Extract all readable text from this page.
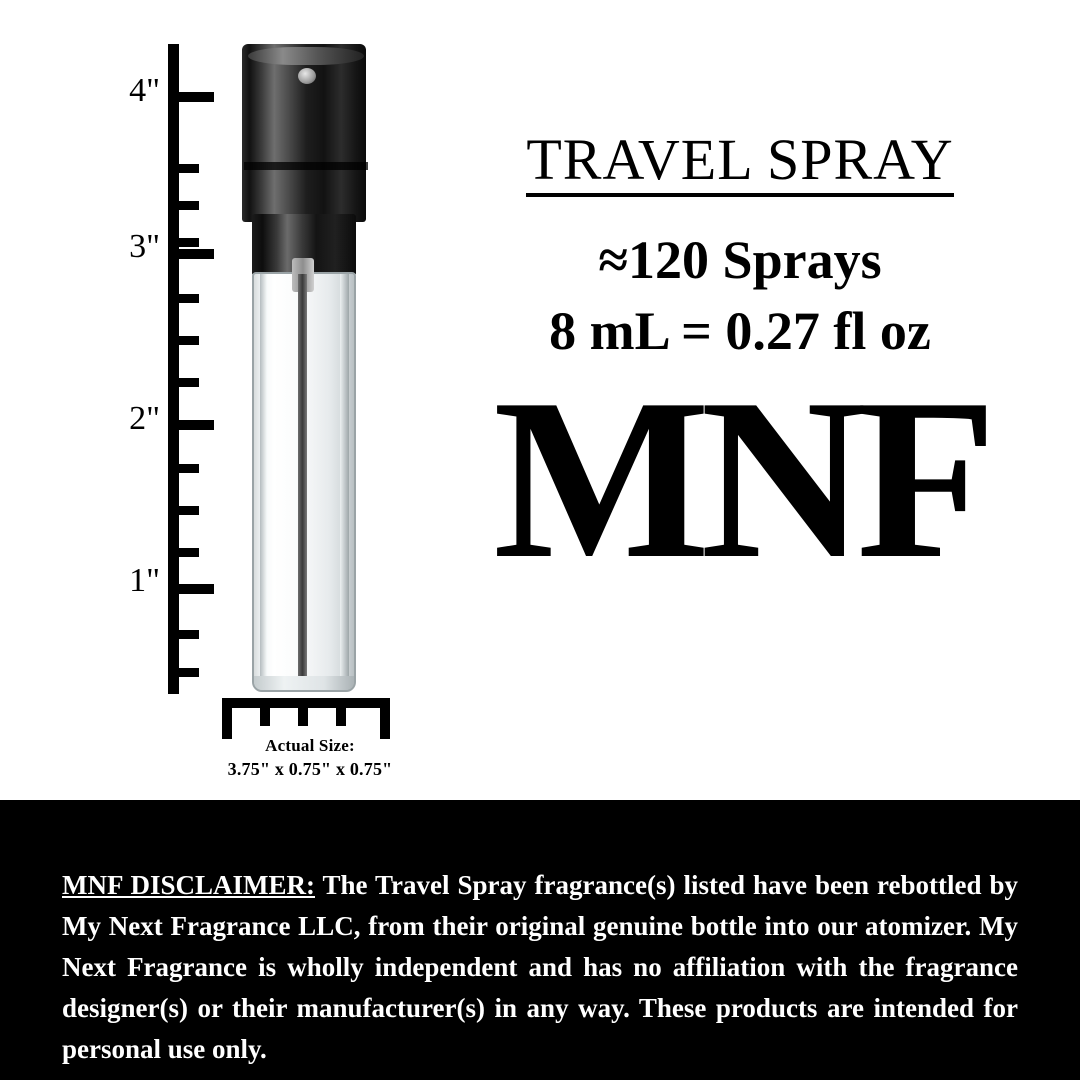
4"
3"
2"
1"
Actual Size:
3.75" x 0.75" x 0.75"
TRAVEL SPRAY
≈120 Sprays
8 mL = 0.27 fl oz
MNF

MNF DISCLAIMER: The Travel Spray fragrance(s) listed have been rebottled by My Next Fragrance LLC, from their original genuine bottle into our atomizer. My Next Fragrance is wholly independent and has no affiliation with the fragrance designer(s) or their manufacturer(s) in any way. These products are intended for personal use only.
